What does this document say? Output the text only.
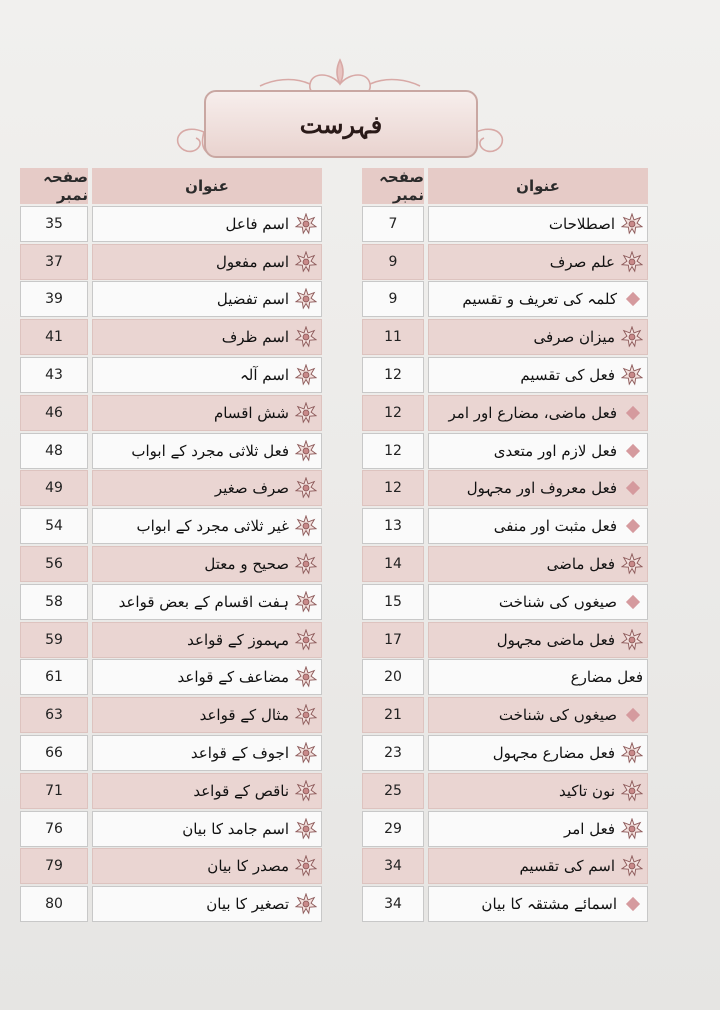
فہرست
صفحہ نمبر	عنوان
35	اسم فاعل
37	اسم مفعول
39	اسم تفضیل
41	اسم ظرف
43	اسم آلہ
46	شش اقسام
48	فعل ثلاثی مجرد کے ابواب
49	صرف صغیر
54	غیر ثلاثی مجرد کے ابواب
56	صحیح و معتل
58	ہفت اقسام کے بعض قواعد
59	مہموز کے قواعد
61	مضاعف کے قواعد
63	مثال کے قواعد
66	اجوف کے قواعد
71	ناقص کے قواعد
76	اسم جامد کا بیان
79	مصدر کا بیان
80	تصغیر کا بیان
صفحہ نمبر	عنوان
7	اصطلاحات
9	علم صرف
9	کلمہ کی تعریف و تقسیم
11	میزان صرفی
12	فعل کی تقسیم
12	فعل ماضی، مضارع اور امر
12	فعل لازم اور متعدی
12	فعل معروف اور مجہول
13	فعل مثبت اور منفی
14	فعل ماضی
15	صیغوں کی شناخت
17	فعل ماضی مجہول
20	فعل مضارع
21	صیغوں کی شناخت
23	فعل مضارع مجہول
25	نون تاکید
29	فعل امر
34	اسم کی تقسیم
34	اسمائے مشتقہ کا بیان
